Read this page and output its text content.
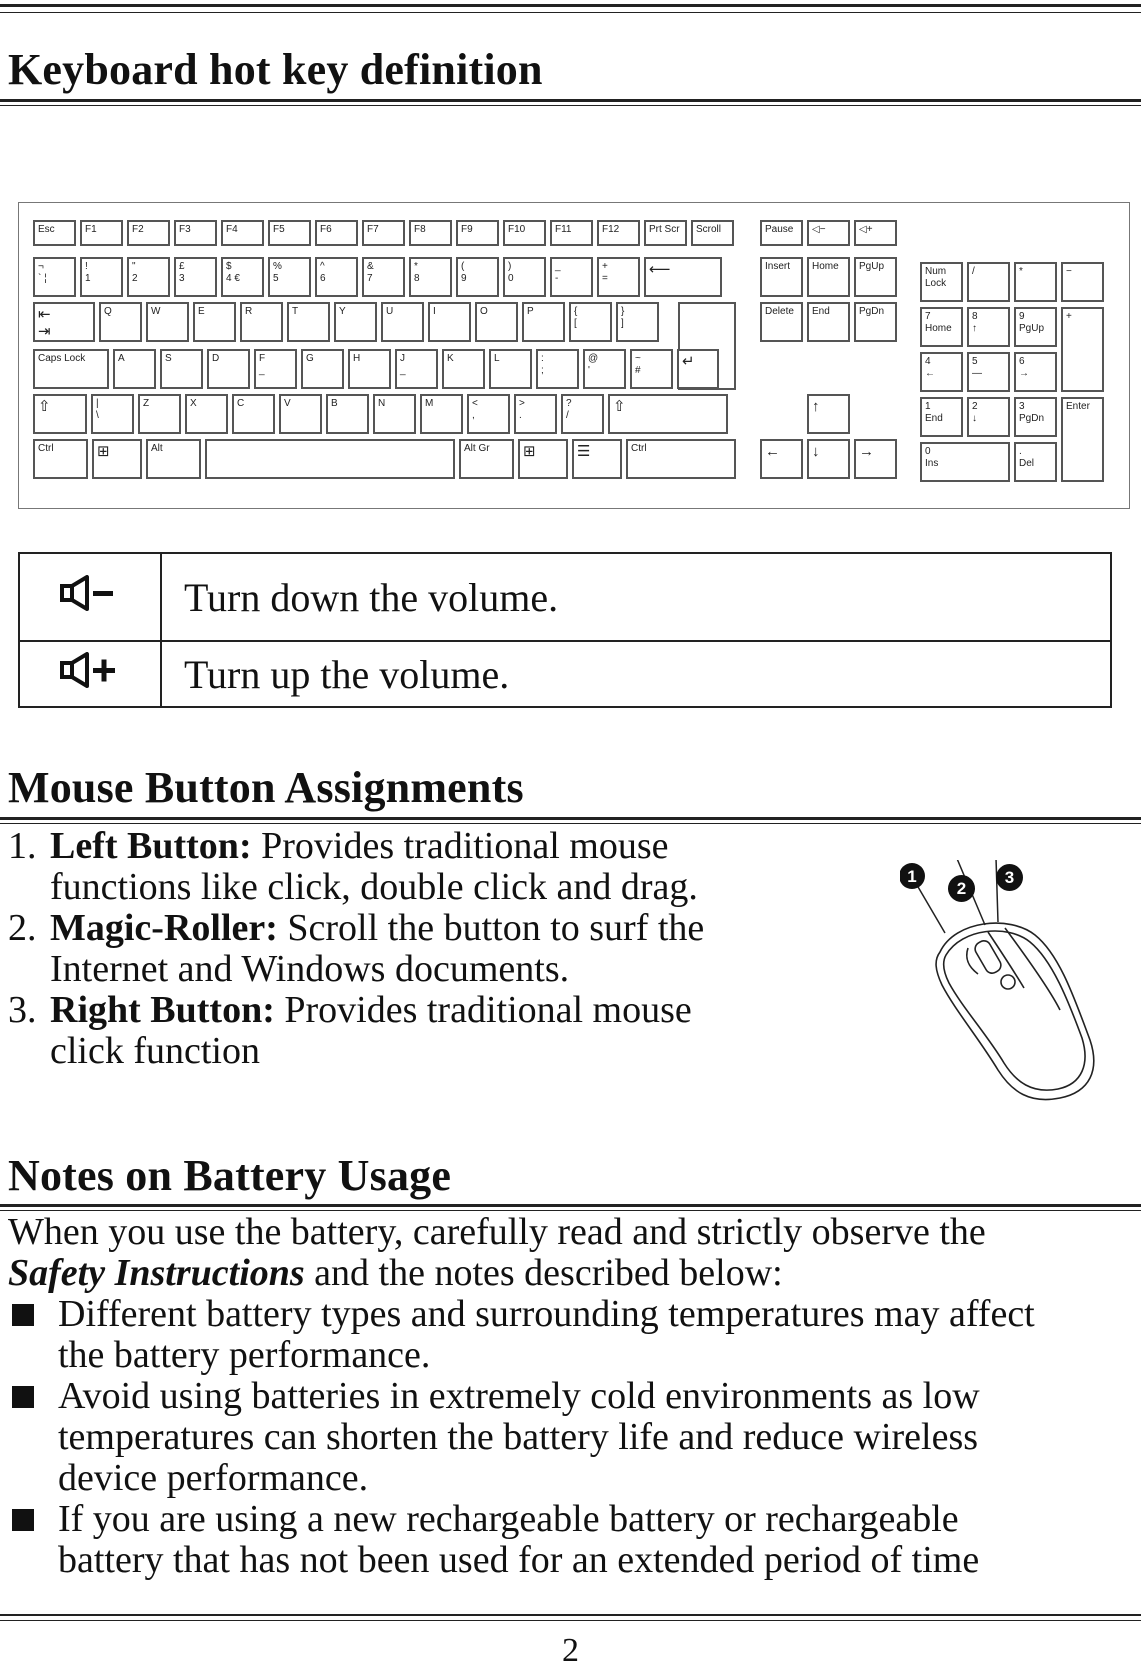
Keyboard hot key definition
Esc	F1	F2	F3	F4	F5	F6	F7	F8	F9	F10	F11	F12	Prt Scr	Scroll	Pause	◁−	◁+
¬
` ¦
!
1
"
2
£
3
$
4 €
%
5
^
6
&
7
*
8
(
9
)
0
_
-
+
=	⟵
⇤
⇥
Q	W	E	R	T	Y	U	I	O	P	{
[
}
]
Caps Lock	A	S	D	F
_
G	H	J
_
K	L	:
;
@
'
~
#	↵
⇧	|
\
Z	X	C	V	B	N	M	<
,
>
.
?
/	⇧
Ctrl	⊞	Alt	Alt Gr	⊞	☰	Ctrl
Insert	Home	PgUp
Delete	End	PgDn
↑
←	↓	→
Num
Lock
/	*	−
7
Home
8
↑
9
PgUp
+
4
←
5
—
6
→
1
End
2
↓
3
PgDn
Enter
0
Ins
.
Del
	Turn down the volume.
	Turn up the volume.
Mouse Button Assignments
1. Left Button: Provides traditional mouse
functions like click, double click and drag.
2. Magic-Roller: Scroll the button to surf the
Internet and Windows documents.
3. Right Button: Provides traditional mouse
click function
1
2
3
Notes on Battery Usage
When you use the battery, carefully read and strictly observe the
Safety Instructions and the notes described below:
Different battery types and surrounding temperatures may affect
the battery performance.
Avoid using batteries in extremely cold environments as low
temperatures can shorten the battery life and reduce wireless
device performance.
If you are using a new rechargeable battery or rechargeable
battery that has not been used for an extended period of time
2
